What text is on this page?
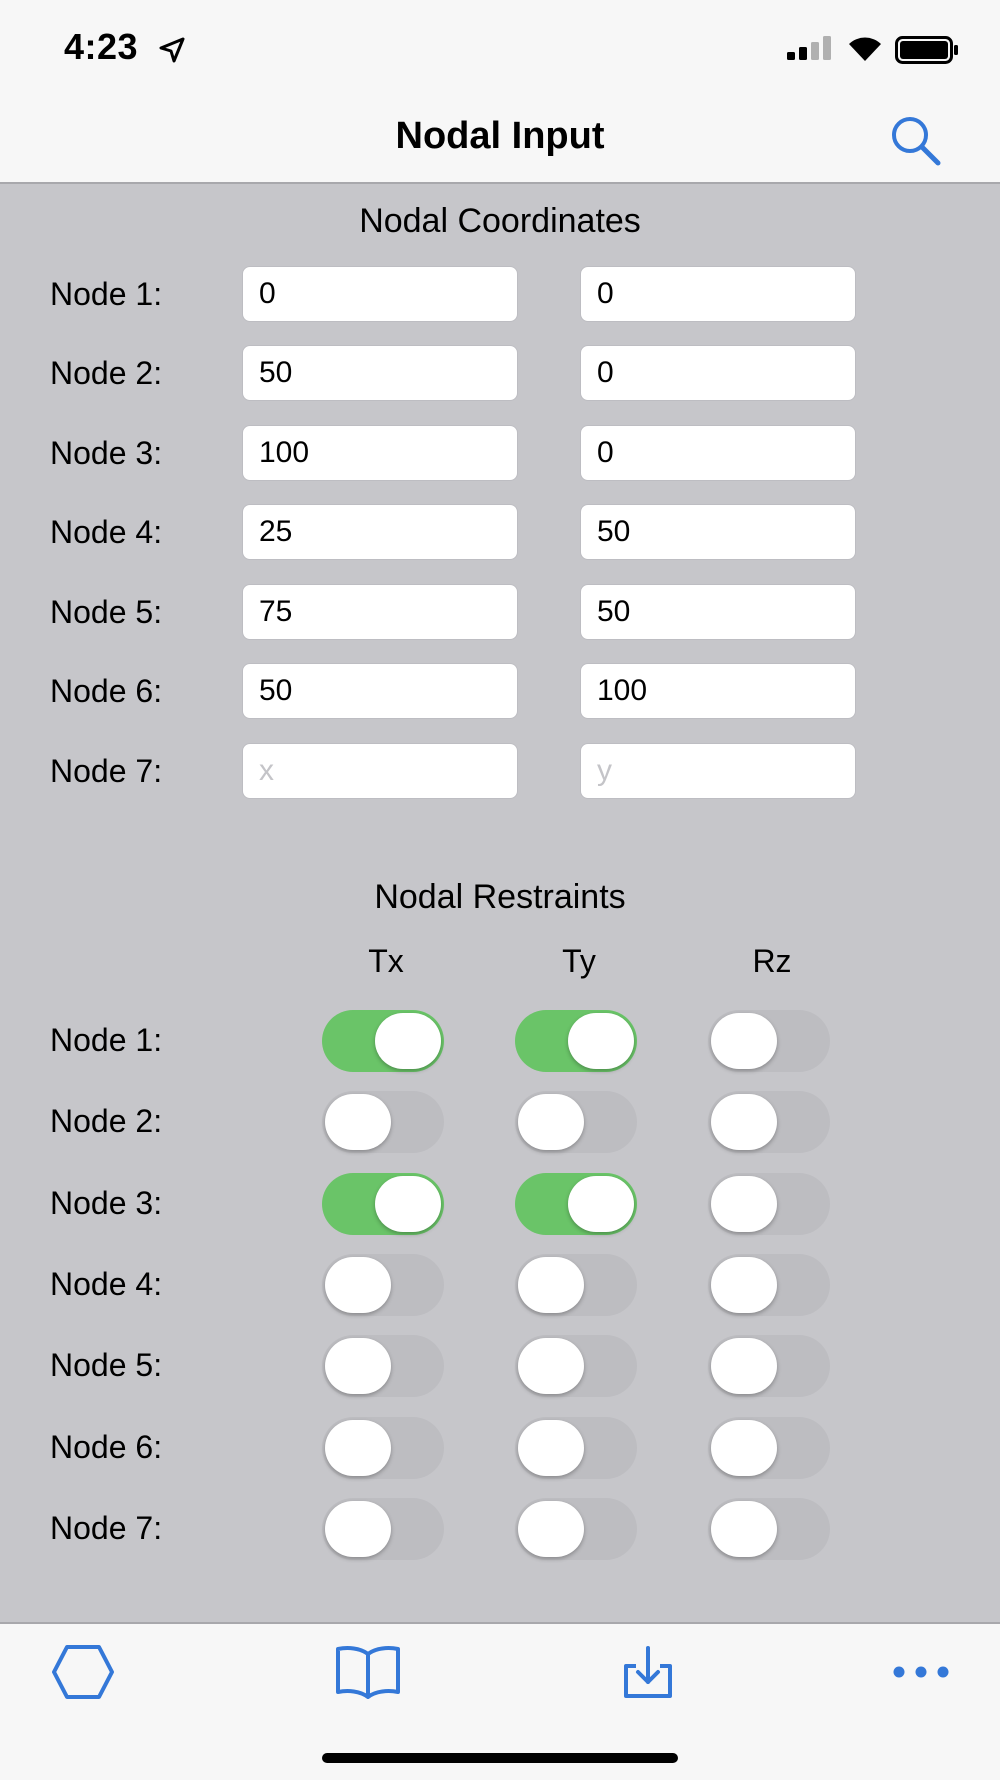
4:23
Nodal Input
Nodal Coordinates
Node 1:
0
0
Node 2:
50
0
Node 3:
100
0
Node 4:
25
50
Node 5:
75
50
Node 6:
50
100
Node 7:
x
y
Nodal Restraints
Tx	Ty	Rz
Node 1:
Node 2:
Node 3:
Node 4:
Node 5:
Node 6:
Node 7:
